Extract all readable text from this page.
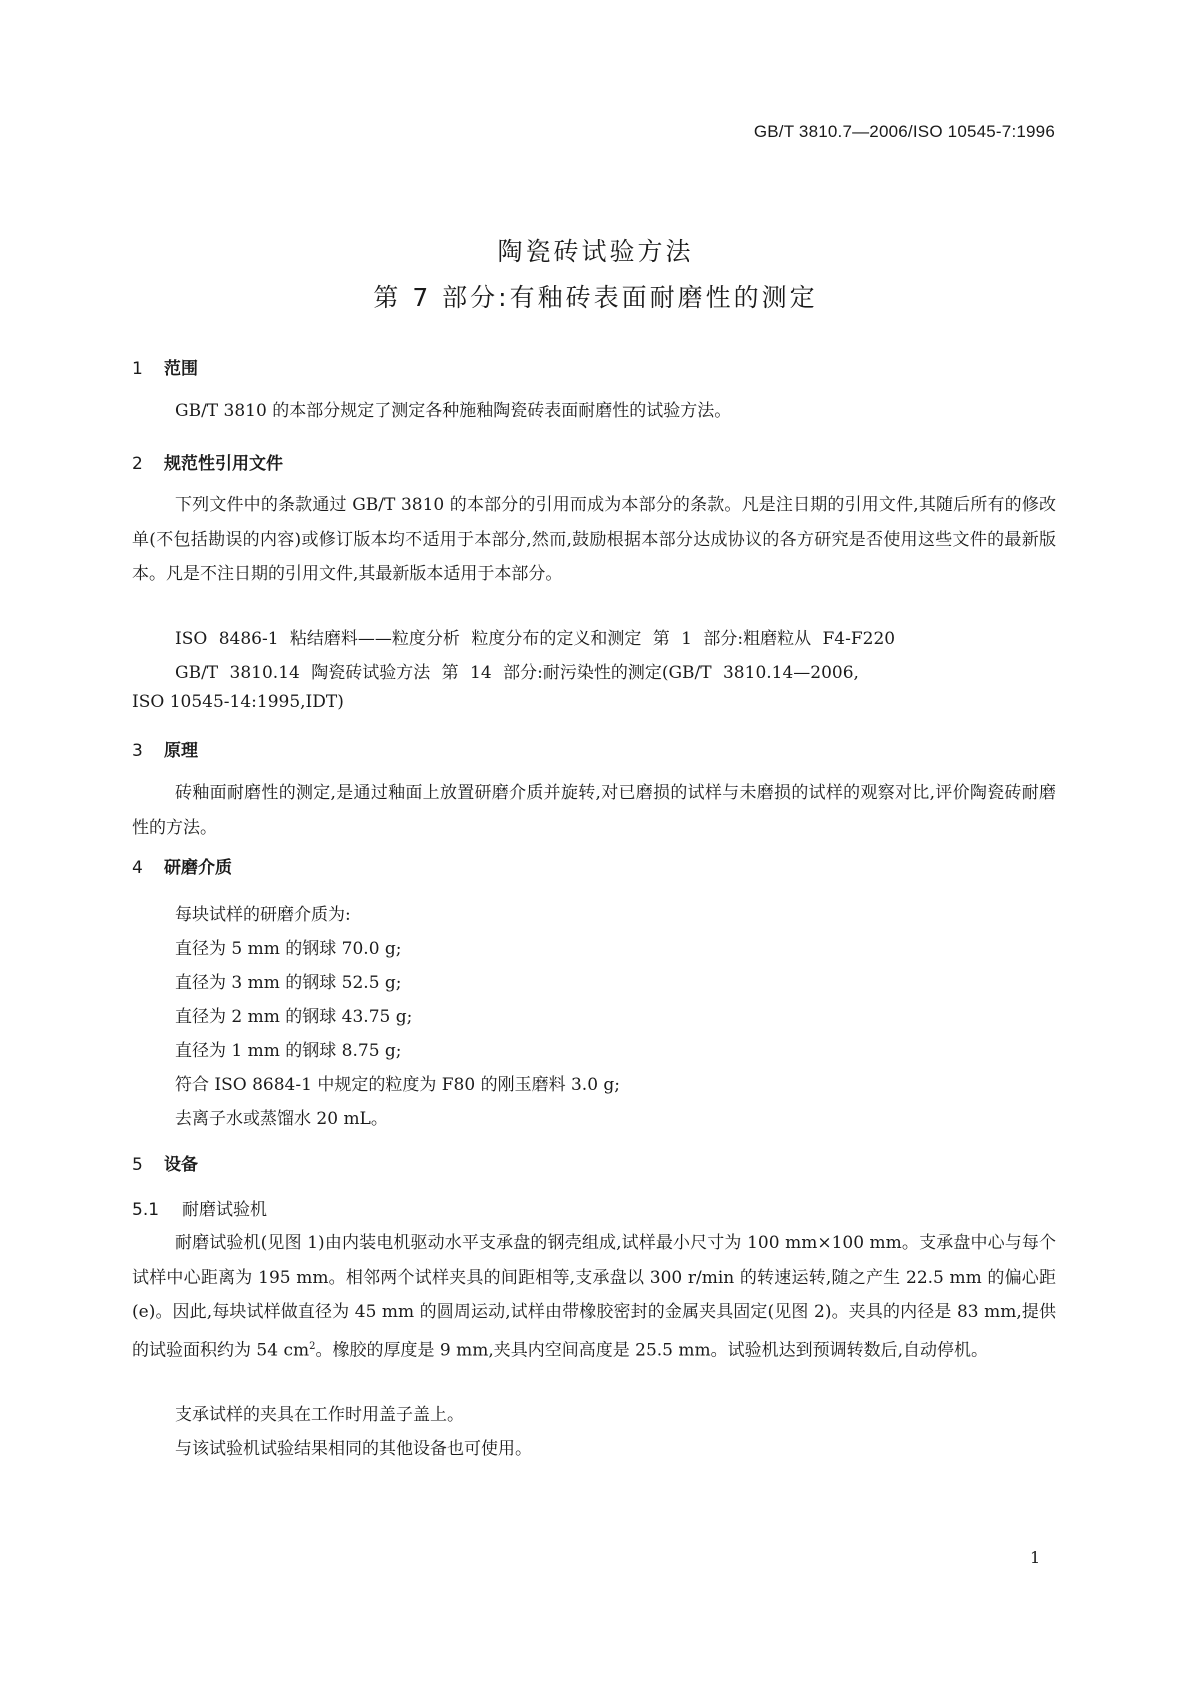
GB/T 3810.7—2006/ISO 10545-7:1996
陶瓷砖试验方法
第 7 部分:有釉砖表面耐磨性的测定
1 范围

GB/T 3810 的本部分规定了测定各种施釉陶瓷砖表面耐磨性的试验方法。

2 规范性引用文件

下列文件中的条款通过 GB/T 3810 的本部分的引用而成为本部分的条款。凡是注日期的引用文件,其随后所有的修改单(不包括勘误的内容)或修订版本均不适用于本部分,然而,鼓励根据本部分达成协议的各方研究是否使用这些文件的最新版本。凡是不注日期的引用文件,其最新版本适用于本部分。

ISO 8486-1 粘结磨料——粒度分析 粒度分布的定义和测定 第 1 部分:粗磨粒从 F4-F220
GB/T 3810.14 陶瓷砖试验方法 第 14 部分:耐污染性的测定(GB/T 3810.14—2006,
ISO 10545-14:1995,IDT)
3 原理

砖釉面耐磨性的测定,是通过釉面上放置研磨介质并旋转,对已磨损的试样与未磨损的试样的观察对比,评价陶瓷砖耐磨性的方法。

4 研磨介质
每块试样的研磨介质为:
直径为 5 mm 的钢球 70.0 g;
直径为 3 mm 的钢球 52.5 g;
直径为 2 mm 的钢球 43.75 g;
直径为 1 mm 的钢球 8.75 g;
符合 ISO 8684-1 中规定的粒度为 F80 的刚玉磨料 3.0 g;
去离子水或蒸馏水 20 mL。
5 设备
5.1 耐磨试验机

耐磨试验机(见图 1)由内装电机驱动水平支承盘的钢壳组成,试样最小尺寸为 100 mm×100 mm。支承盘中心与每个试样中心距离为 195 mm。相邻两个试样夹具的间距相等,支承盘以 300 r/min 的转速运转,随之产生 22.5 mm 的偏心距(e)。因此,每块试样做直径为 45 mm 的圆周运动,试样由带橡胶密封的金属夹具固定(见图 2)。夹具的内径是 83 mm,提供的试验面积约为 54 $cm^2$。橡胶的厚度是 9 mm,夹具内空间高度是 25.5 mm。试验机达到预调转数后,自动停机。

支承试样的夹具在工作时用盖子盖上。
与该试验机试验结果相同的其他设备也可使用。
1
